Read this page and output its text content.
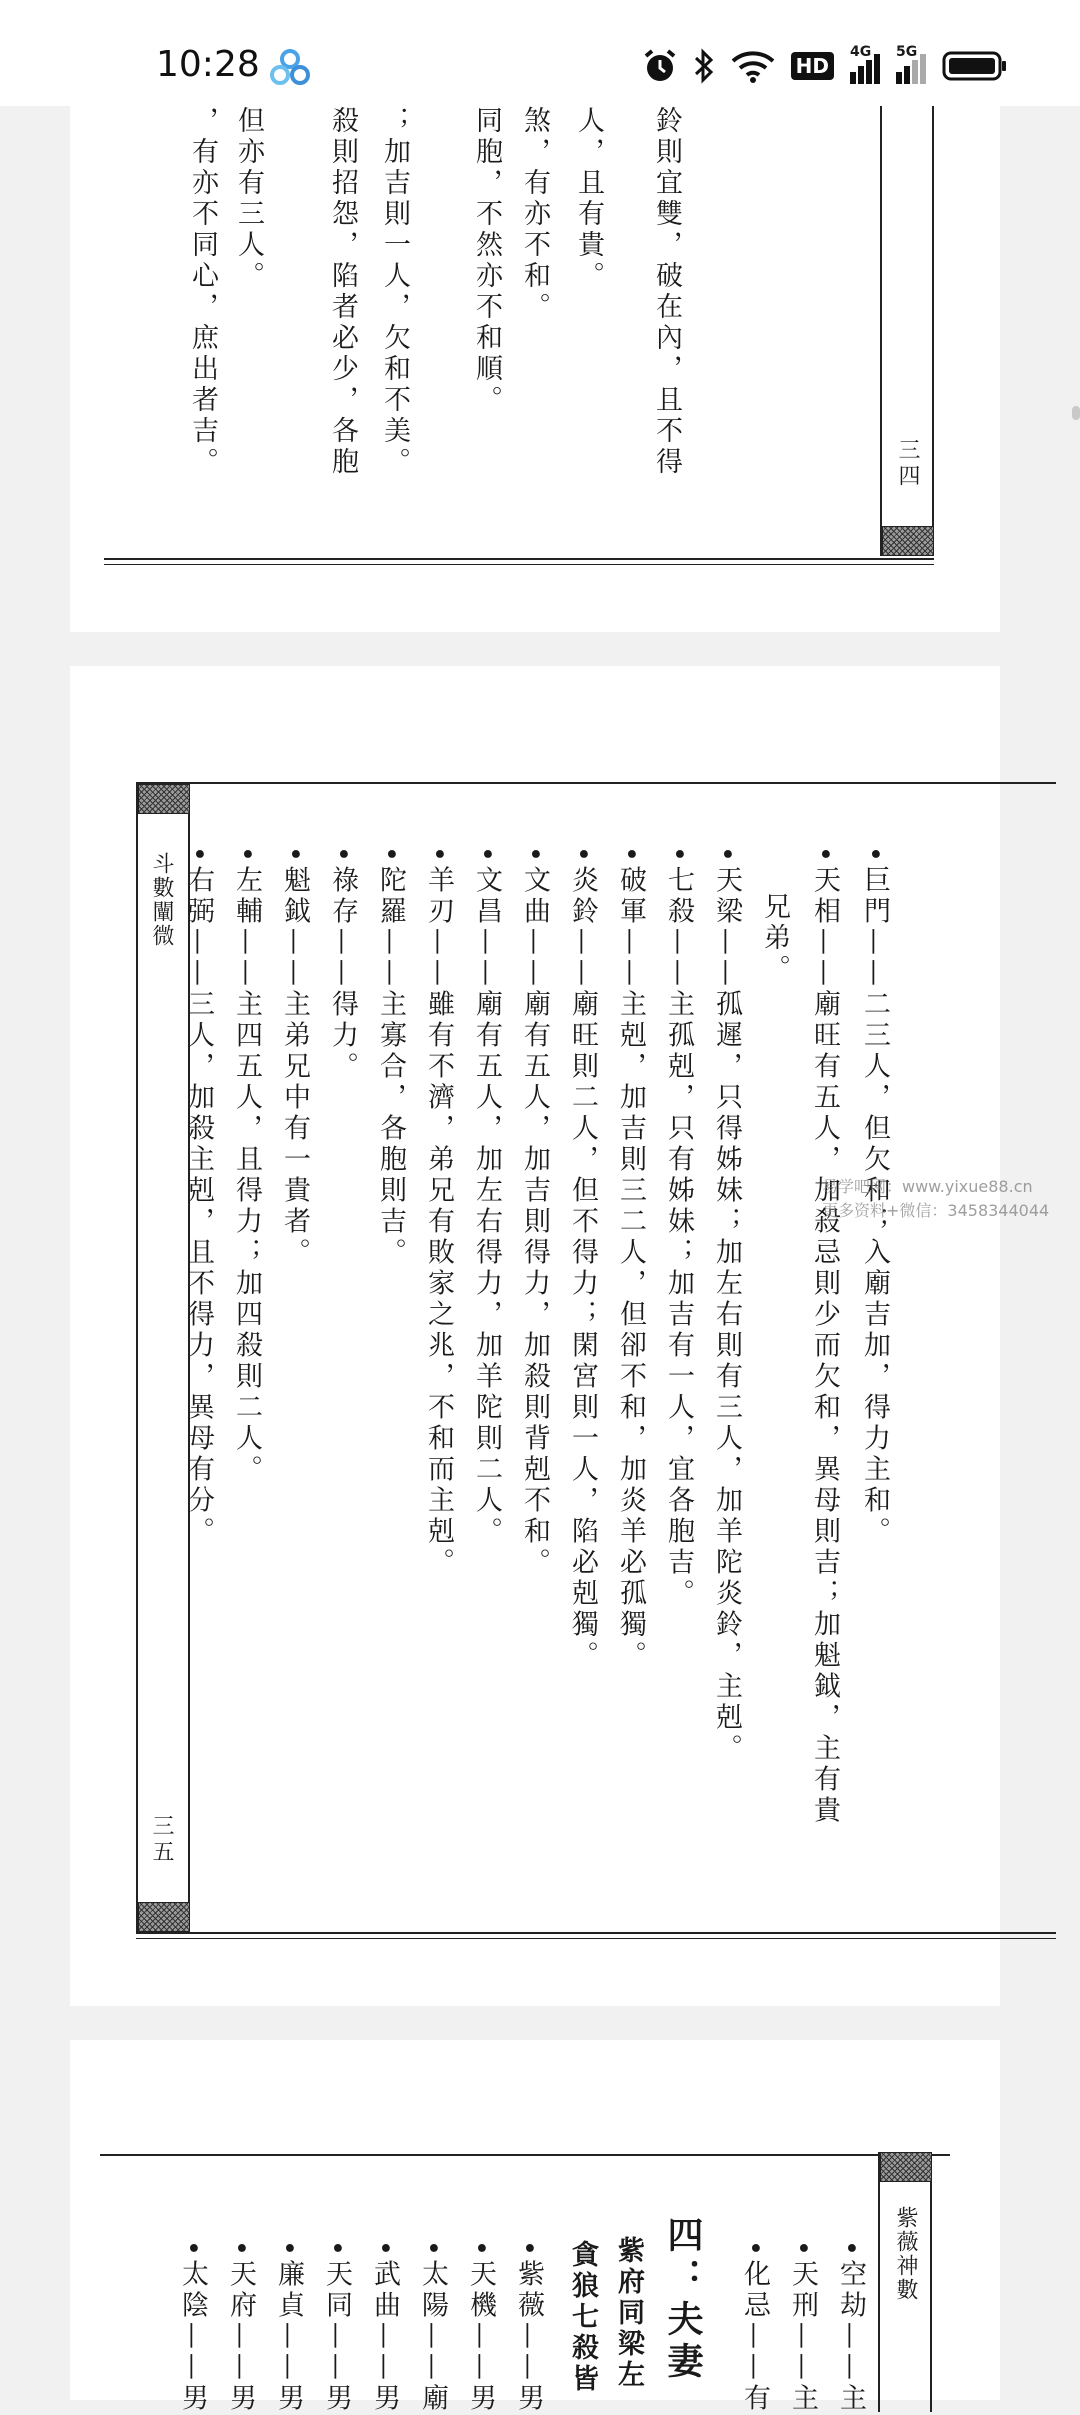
10:28	HD
4G 5G
三四
鈴則宜雙，破在內，且不得
人，且有貴。
煞，有亦不和。
同胞，不然亦不和順。
；加吉則一人，欠和不美。
殺則招怨，陷者必少，各胞
但亦有三人。
，有亦不同心，庶出者吉。
斗數闡微
三五
•巨門——二三人，但欠和；入廟吉加，得力主和。
•天相——廟旺有五人，加殺忌則少而欠和，異母則吉；加魁鉞，主有貴
兄弟。
•天梁——孤遲，只得姊妹；加左右則有三人，加羊陀炎鈴，主剋。
•七殺——主孤剋，只有姊妹；加吉有一人，宜各胞吉。
•破軍——主剋，加吉則三二人，但卻不和，加炎羊必孤獨。
•炎鈴——廟旺則二人，但不得力；閑宮則一人，陷必剋獨。
•文曲——廟有五人，加吉則得力，加殺則背剋不和。
•文昌——廟有五人，加左右得力，加羊陀則二人。
•羊刃——雖有不濟，弟兄有敗家之兆，不和而主剋。
•陀羅——主寡合，各胞則吉。
•祿存——得力。
•魁鉞——主弟兄中有一貴者。
•左輔——主四五人，且得力；加四殺則二人。
•右弼——三人，加殺主剋，且不得力，異母有分。	易学吧网：www.yixue88.cn
更多资料+微信：3458344044
紫薇神數
•空劫——主
•天刑——主
•化忌——有
四：夫妻
紫府同梁左
貪狼七殺皆
•紫薇——男
•天機——男
•太陽——廟
•武曲——男
•天同——男
•廉貞——男
•天府——男
•太陰——男
